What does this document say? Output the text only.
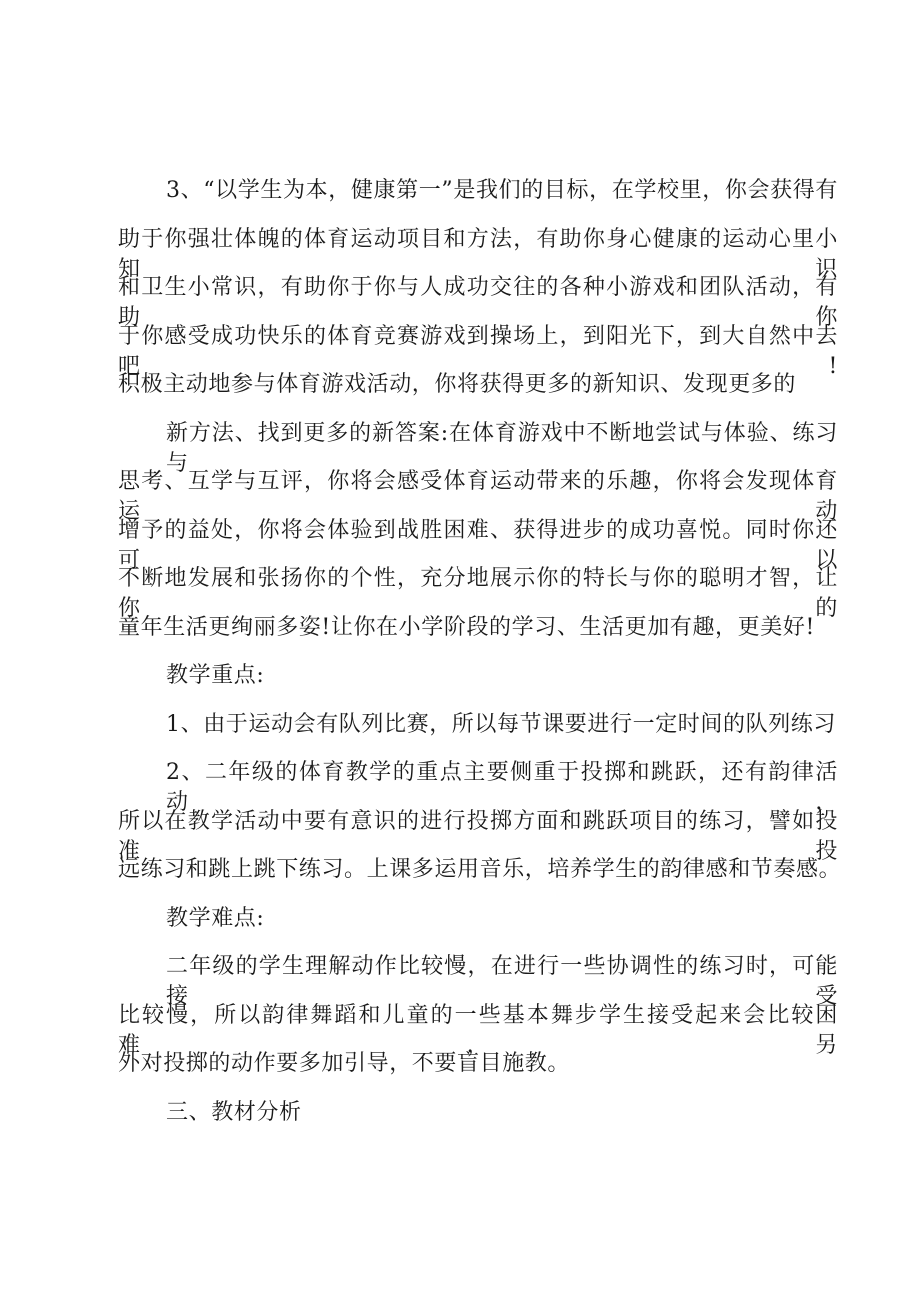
3、“以学生为本，健康第一”是我们的目标，在学校里，你会获得有
助于你强壮体魄的体育运动项目和方法，有助你身心健康的运动心里小知识
和卫生小常识，有助你于你与人成功交往的各种小游戏和团队活动，有助你
于你感受成功快乐的体育竞赛游戏到操场上，到阳光下，到大自然中去吧!
积极主动地参与体育游戏活动，你将获得更多的新知识、发现更多的
新方法、找到更多的新答案:在体育游戏中不断地尝试与体验、练习与
思考、互学与互评，你将会感受体育运动带来的乐趣，你将会发现体育运动
增予的益处，你将会体验到战胜困难、获得进步的成功喜悦。同时你还可以
不断地发展和张扬你的个性，充分地展示你的特长与你的聪明才智，让你的
童年生活更绚丽多姿!让你在小学阶段的学习、生活更加有趣，更美好!
教学重点:
1、由于运动会有队列比赛，所以每节课要进行一定时间的队列练习
2、二年级的体育教学的重点主要侧重于投掷和跳跃，还有韵律活动，
所以在教学活动中要有意识的进行投掷方面和跳跃项目的练习，譬如投准投
远练习和跳上跳下练习。上课多运用音乐，培养学生的韵律感和节奏感。
教学难点:
二年级的学生理解动作比较慢，在进行一些协调性的练习时，可能接受
比较慢，所以韵律舞蹈和儿童的一些基本舞步学生接受起来会比较困难，另
外对投掷的动作要多加引导，不要盲目施教。
三、教材分析
